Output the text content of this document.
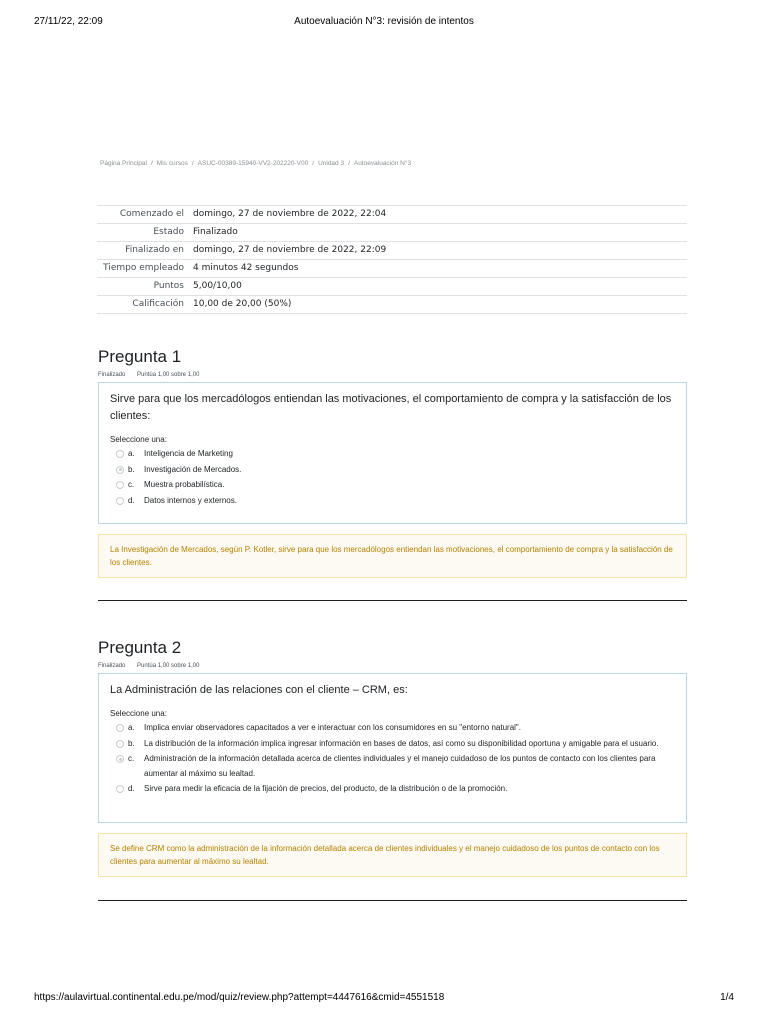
27/11/22, 22:09	Autoevaluación N°3: revisión de intentos
Página Principal / Mis cursos / ASUC-00389-15940-VV2-202220-V00 / Unidad 3 / Autoevaluación N°3
Comenzado el	domingo, 27 de noviembre de 2022, 22:04
Estado	Finalizado
Finalizado en	domingo, 27 de noviembre de 2022, 22:09
Tiempo empleado	4 minutos 42 segundos
Puntos	5,00/10,00
Calificación	10,00 de 20,00 (50%)
Pregunta 1
Finalizado Puntúa 1,00 sobre 1,00
Sirve para que los mercadólogos entiendan las motivaciones, el comportamiento de compra y la satisfacción de los clientes:
Seleccione una:
a. Inteligencia de Marketing
b. Investigación de Mercados.
c. Muestra probabilística.
d. Datos internos y externos.
La Investigación de Mercados, según P. Kotler, sirve para que los mercadólogos entiendan las motivaciones, el comportamiento de compra y la satisfacción de los clientes.
Pregunta 2
Finalizado Puntúa 1,00 sobre 1,00
La Administración de las relaciones con el cliente – CRM, es:
Seleccione una:
a. Implica enviar observadores capacitados a ver e interactuar con los consumidores en su "entorno natural".
b. La distribución de la información implica ingresar información en bases de datos, así como su disponibilidad oportuna y amigable para el usuario.
c. Administración de la información detallada acerca de clientes individuales y el manejo cuidadoso de los puntos de contacto con los clientes para aumentar al máximo su lealtad.
d. Sirve para medir la eficacia de la fijación de precios, del producto, de la distribución o de la promoción.
Se define CRM como la administración de la información detallada acerca de clientes individuales y el manejo cuidadoso de los puntos de contacto con los clientes para aumentar al máximo su lealtad.
https://aulavirtual.continental.edu.pe/mod/quiz/review.php?attempt=4447616&cmid=4551518	1/4
